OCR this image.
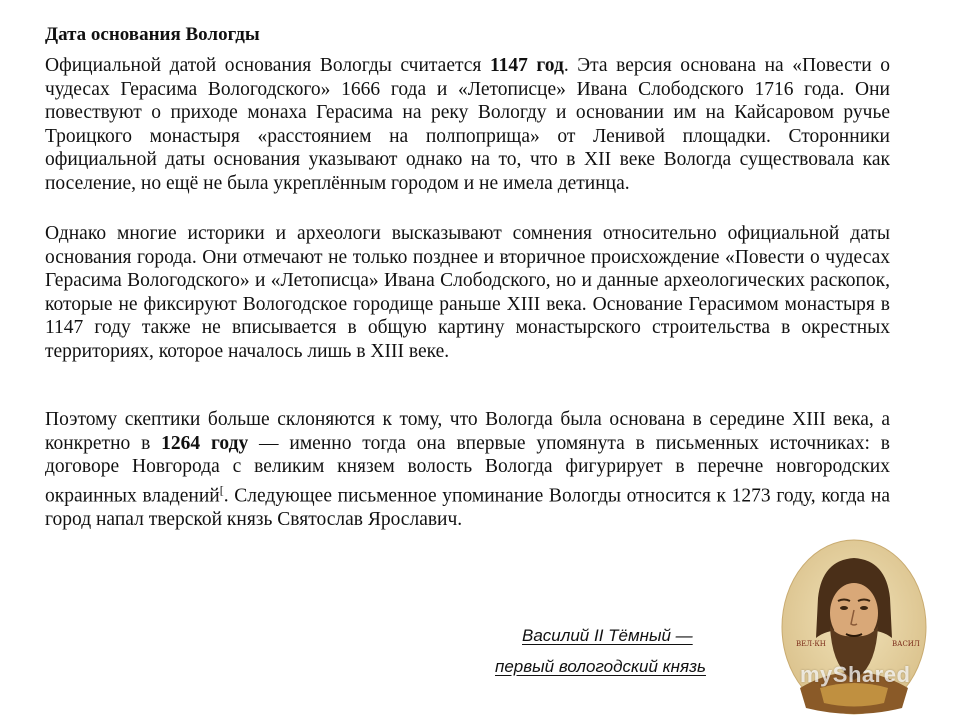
Дата основания Вологды

Официальной датой основания Вологды считается 1147 год. Эта версия основана на «Повести о чудесах Герасима Вологодского» 1666 года и «Летописце» Ивана Слободского 1716 года. Они повествуют о приходе монаха Герасима на реку Вологду и основании им на Кайсаровом ручье Троицкого монастыря «расстоянием на полпоприща» от Ленивой площадки. Сторонники официальной даты основания указывают однако на то, что в XII веке Вологда существовала как поселение, но ещё не была укреплённым городом и не имела детинца.

Однако многие историки и археологи высказывают сомнения относительно официальной даты основания города. Они отмечают не только позднее и вторичное происхождение «Повести о чудесах Герасима Вологодского» и «Летописца» Ивана Слободского, но и данные археологических раскопок, которые не фиксируют Вологодское городище раньше XIII века. Основание Герасимом монастыря в 1147 году также не вписывается в общую картину монастырского строительства в окрестных территориях, которое началось лишь в XIII веке.

Поэтому скептики больше склоняются к тому, что Вологда была основана в середине XIII века, а конкретно в 1264 году — именно тогда она впервые упомянута в письменных источниках: в договоре Новгорода с великим князем волость Вологда фигурирует в перечне новгородских окраинных владений[. Следующее письменное упоминание Вологды относится к 1273 году, когда на город напал тверской князь Святослав Ярославич.

Василий II Тёмный —
первый вологодский князь
ВЕЛ·КН	ВАСИЛ
myShared
